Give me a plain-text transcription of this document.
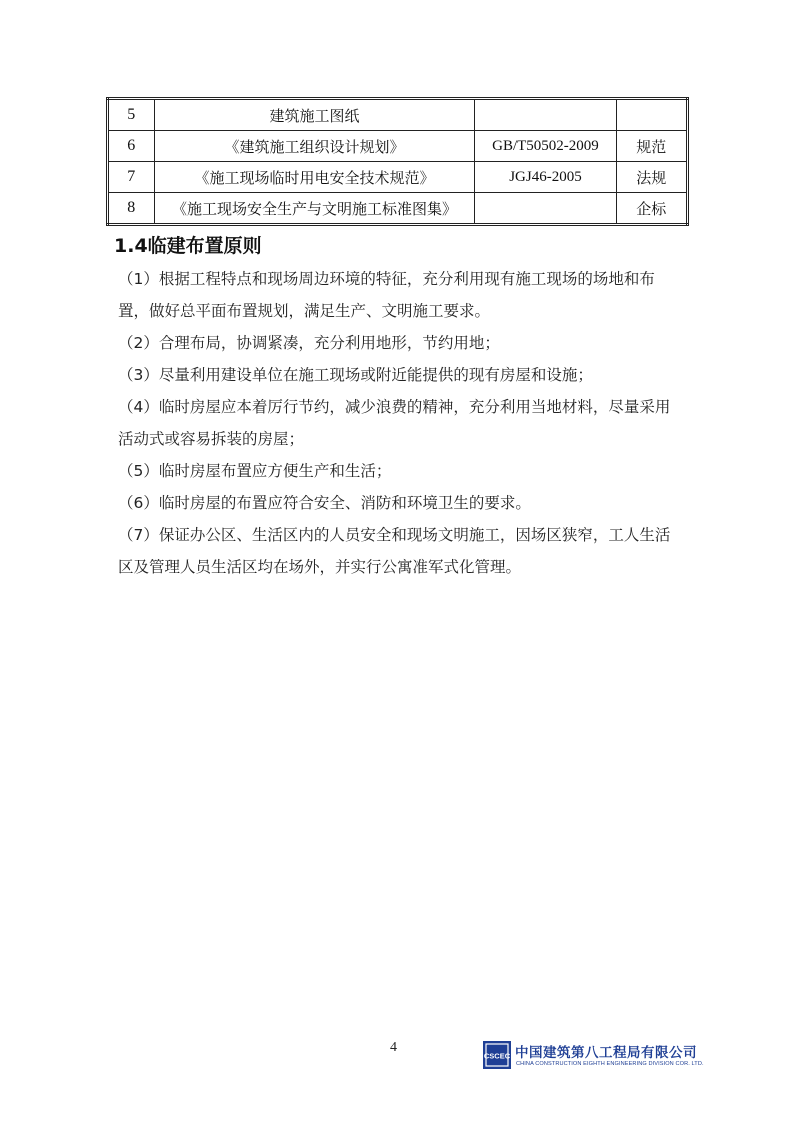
5	建筑施工图纸		
6	《建筑施工组织设计规划》	GB/T50502-2009	规范
7	《施工现场临时用电安全技术规范》	JGJ46-2005	法规
8	《施工现场安全生产与文明施工标准图集》		企标
1.4临建布置原则

（1）根据工程特点和现场周边环境的特征，充分利用现有施工现场的场地和布置，做好总平面布置规划，满足生产、文明施工要求。

（2）合理布局，协调紧凑，充分利用地形，节约用地；

（3）尽量利用建设单位在施工现场或附近能提供的现有房屋和设施；

（4）临时房屋应本着厉行节约，减少浪费的精神，充分利用当地材料，尽量采用活动式或容易拆装的房屋；

（5）临时房屋布置应方便生产和生活；

（6）临时房屋的布置应符合安全、消防和环境卫生的要求。

（7）保证办公区、生活区内的人员安全和现场文明施工，因场区狭窄，工人生活区及管理人员生活区均在场外，并实行公寓准军式化管理。

4
CSCEC 中国建筑第八工程局有限公司
CHINA CONSTRUCTION EIGHTH ENGINEERING DIVISION COR. LTD.
